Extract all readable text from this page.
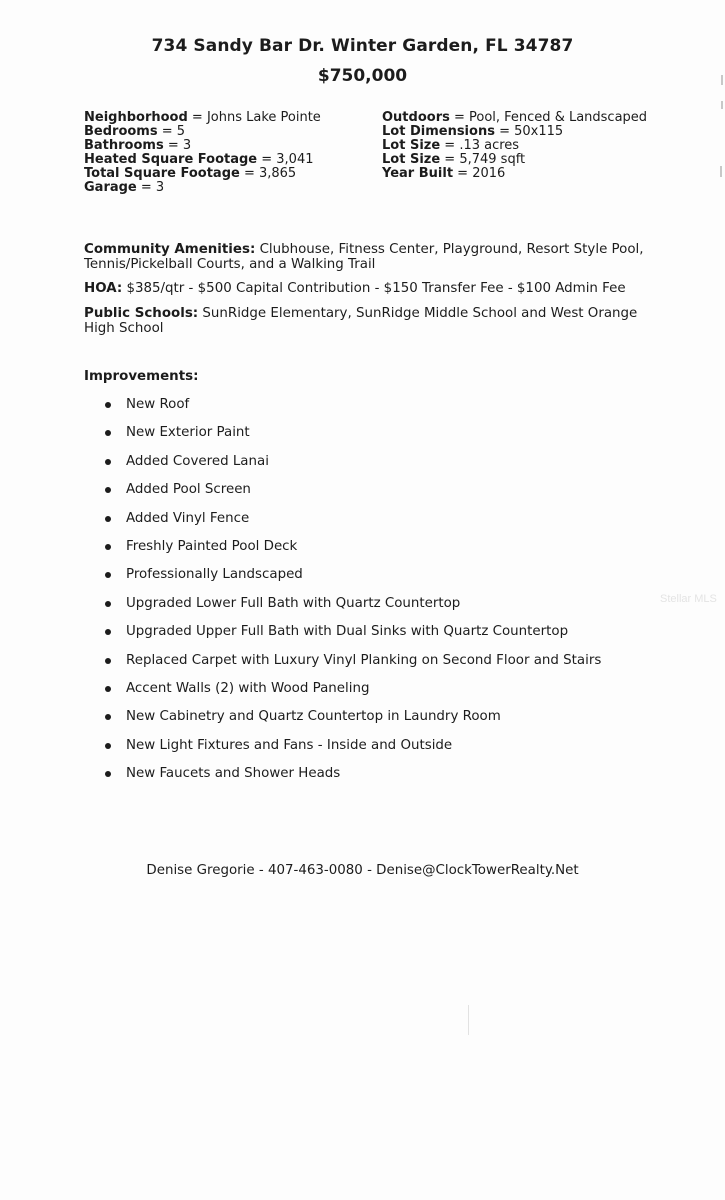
734 Sandy Bar Dr. Winter Garden, FL 34787
$750,000
Neighborhood = Johns Lake Pointe
Bedrooms = 5
Bathrooms = 3
Heated Square Footage = 3,041
Total Square Footage = 3,865
Garage = 3
Outdoors = Pool, Fenced & Landscaped
Lot Dimensions = 50x115
Lot Size = .13 acres
Lot Size = 5,749 sqft
Year Built = 2016
Community Amenities: Clubhouse, Fitness Center, Playground, Resort Style Pool, Tennis/Pickelball Courts, and a Walking Trail
HOA: $385/qtr - $500 Capital Contribution - $150 Transfer Fee - $100 Admin Fee
Public Schools: SunRidge Elementary, SunRidge Middle School and West Orange High School
Improvements:
New Roof
New Exterior Paint
Added Covered Lanai
Added Pool Screen
Added Vinyl Fence
Freshly Painted Pool Deck
Professionally Landscaped
Upgraded Lower Full Bath with Quartz Countertop
Upgraded Upper Full Bath with Dual Sinks with Quartz Countertop
Replaced Carpet with Luxury Vinyl Planking on Second Floor and Stairs
Accent Walls (2) with Wood Paneling
New Cabinetry and Quartz Countertop in Laundry Room
New Light Fixtures and Fans - Inside and Outside
New Faucets and Shower Heads
Denise Gregorie - 407-463-0080 - Denise@ClockTowerRealty.Net
Stellar MLS
